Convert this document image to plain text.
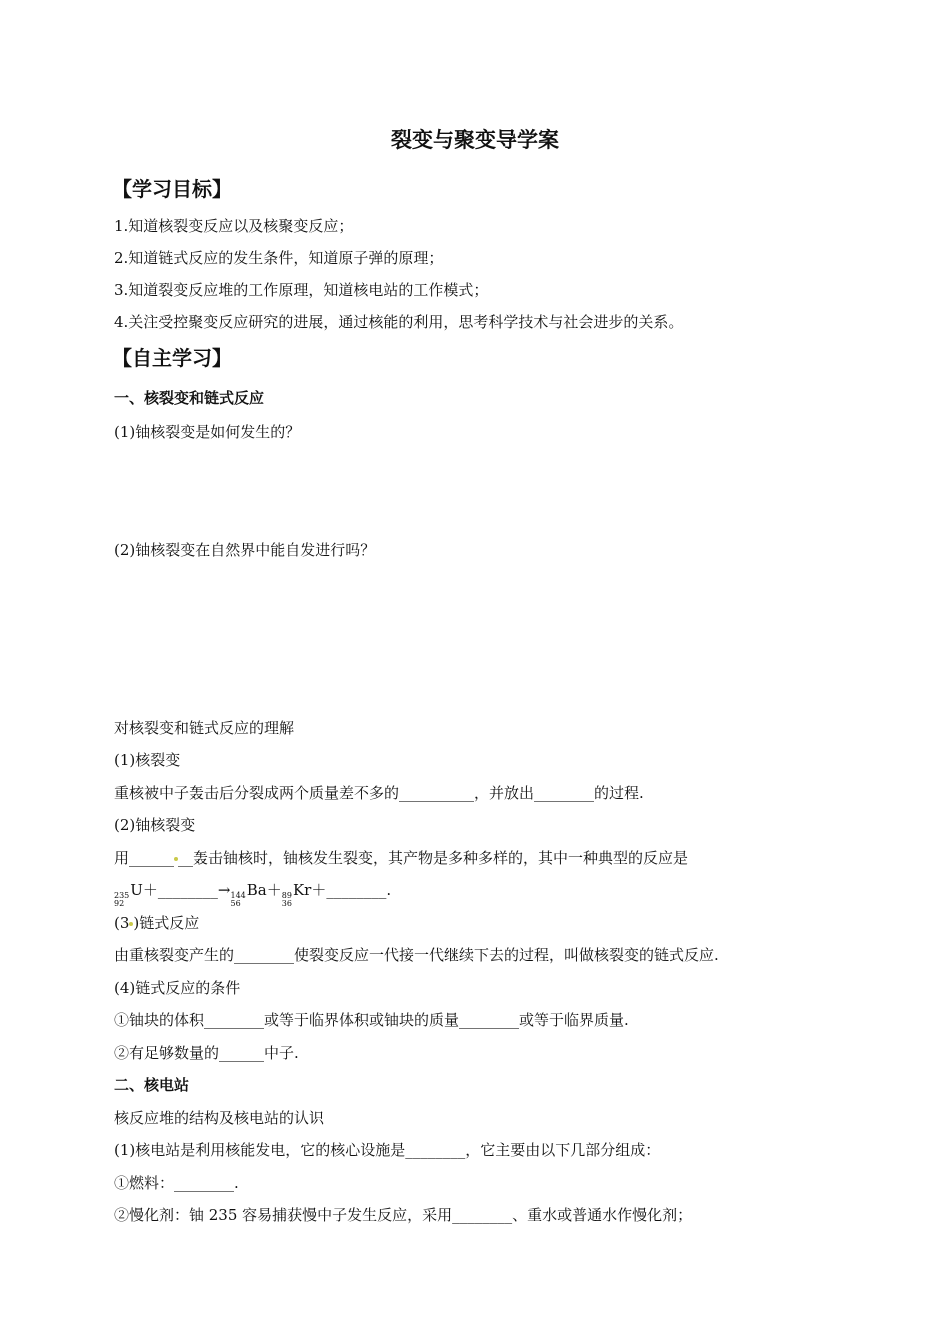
裂变与聚变导学案
【学习目标】
1.知道核裂变反应以及核聚变反应；
2.知道链式反应的发生条件，知道原子弹的原理；
3.知道裂变反应堆的工作原理，知道核电站的工作模式；
4.关注受控聚变反应研究的进展，通过核能的利用，思考科学技术与社会进步的关系。
【自主学习】
一、核裂变和链式反应
(1)铀核裂变是如何发生的？
(2)铀核裂变在自然界中能自发进行吗？
对核裂变和链式反应的理解
(1)核裂变
重核被中子轰击后分裂成两个质量差不多的__________，并放出________的过程.
(2)铀核裂变
用______ __轰击铀核时，铀核发生裂变，其产物是多种多样的，其中一种典型的反应是
235
92
U＋________→ 144
56
Ba＋ 89
36
Kr＋________.
(3 )链式反应
由重核裂变产生的________使裂变反应一代接一代继续下去的过程，叫做核裂变的链式反应.
(4)链式反应的条件
①铀块的体积________或等于临界体积或铀块的质量________或等于临界质量.
②有足够数量的______中子.
二、核电站
核反应堆的结构及核电站的认识
(1)核电站是利用核能发电，它的核心设施是________，它主要由以下几部分组成：
①燃料：________.
②慢化剂：铀 235 容易捕获慢中子发生反应，采用________、重水或普通水作慢化剂；
